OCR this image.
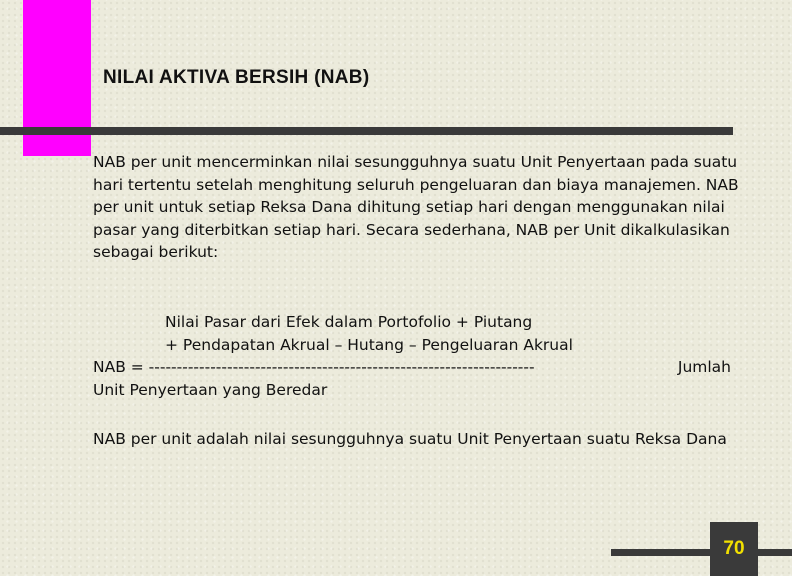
NILAI AKTIVA BERSIH (NAB)

NAB per unit mencerminkan nilai sesungguhnya suatu Unit Penyertaan pada suatu hari tertentu setelah menghitung seluruh pengeluaran dan biaya manajemen. NAB per unit untuk setiap Reksa Dana dihitung setiap hari dengan menggunakan nilai pasar yang diterbitkan setiap hari. Secara sederhana, NAB per Unit dikalkulasikan sebagai berikut:

Nilai Pasar dari Efek dalam Portofolio + Piutang
+ Pendapatan Akrual – Hutang – Pengeluaran Akrual
NAB = ---------------------------------------------------------------------
Unit Penyertaan yang Beredar
Jumlah

NAB per unit adalah nilai sesungguhnya suatu Unit Penyertaan suatu Reksa Dana

70
